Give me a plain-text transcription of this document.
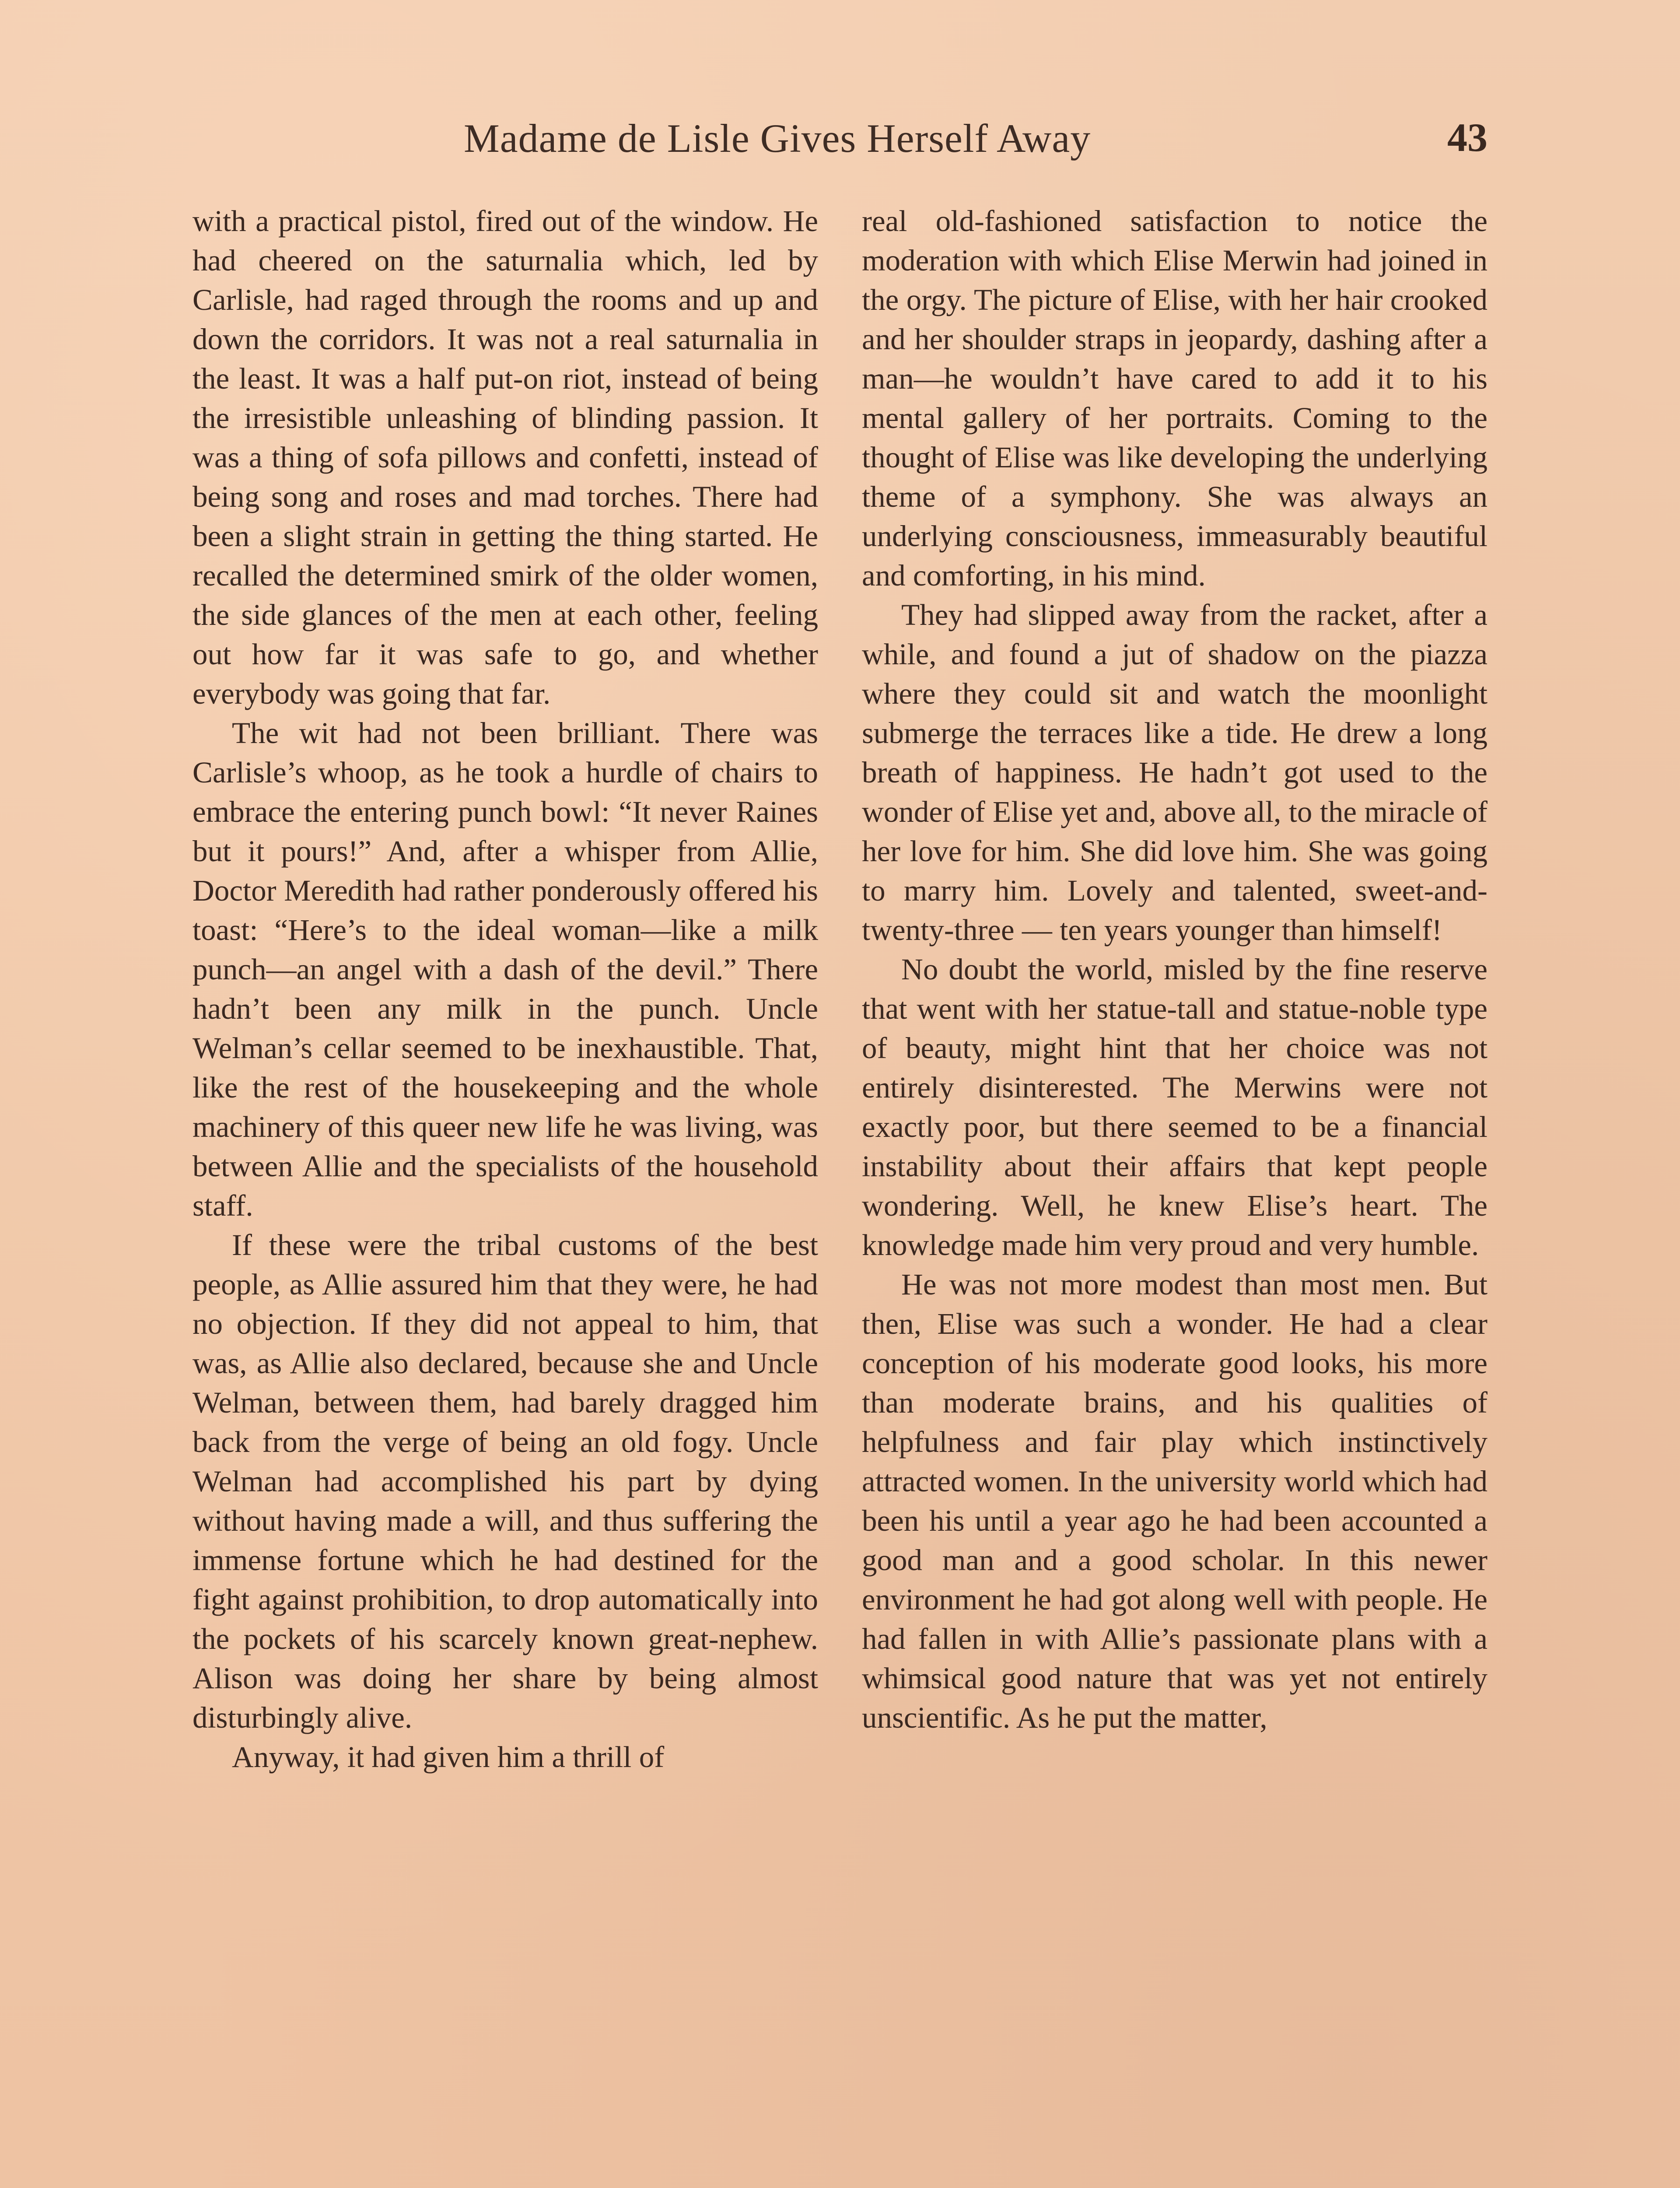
Madame de Lisle Gives Herself Away	43

with a practical pistol, fired out of the window. He had cheered on the saturnalia which, led by Carlisle, had raged through the rooms and up and down the corridors. It was not a real saturnalia in the least. It was a half put-on riot, instead of being the irresistible unleashing of blinding passion. It was a thing of sofa pillows and confetti, instead of being song and roses and mad torches. There had been a slight strain in getting the thing started. He recalled the determined smirk of the older women, the side glances of the men at each other, feeling out how far it was safe to go, and whether everybody was going that far.

The wit had not been brilliant. There was Carlisle’s whoop, as he took a hurdle of chairs to embrace the entering punch bowl: “It never Raines but it pours!” And, after a whisper from Allie, Doctor Meredith had rather ponderously offered his toast: “Here’s to the ideal woman—like a milk punch—an angel with a dash of the devil.” There hadn’t been any milk in the punch. Uncle Welman’s cellar seemed to be inexhaustible. That, like the rest of the housekeeping and the whole machinery of this queer new life he was living, was between Allie and the specialists of the household staff.

If these were the tribal customs of the best people, as Allie assured him that they were, he had no objection. If they did not appeal to him, that was, as Allie also declared, because she and Uncle Welman, between them, had barely dragged him back from the verge of being an old fogy. Uncle Welman had accomplished his part by dying without having made a will, and thus suffering the immense fortune which he had destined for the fight against prohibition, to drop automatically into the pockets of his scarcely known great-nephew. Alison was doing her share by being almost disturbingly alive.

Anyway, it had given him a thrill of

real old-fashioned satisfaction to notice the moderation with which Elise Merwin had joined in the orgy. The picture of Elise, with her hair crooked and her shoulder straps in jeopardy, dashing after a man—he wouldn’t have cared to add it to his mental gallery of her portraits. Coming to the thought of Elise was like developing the underlying theme of a symphony. She was always an underlying consciousness, immeasurably beautiful and comforting, in his mind.

They had slipped away from the racket, after a while, and found a jut of shadow on the piazza where they could sit and watch the moonlight submerge the terraces like a tide. He drew a long breath of happiness. He hadn’t got used to the wonder of Elise yet and, above all, to the miracle of her love for him. She did love him. She was going to marry him. Lovely and talented, sweet-and-twenty-three — ten years younger than himself!

No doubt the world, misled by the fine reserve that went with her statue-tall and statue-noble type of beauty, might hint that her choice was not entirely disinterested. The Merwins were not exactly poor, but there seemed to be a financial instability about their affairs that kept people wondering. Well, he knew Elise’s heart. The knowledge made him very proud and very humble.

He was not more modest than most men. But then, Elise was such a wonder. He had a clear conception of his moderate good looks, his more than moderate brains, and his qualities of helpfulness and fair play which instinctively attracted women. In the university world which had been his until a year ago he had been accounted a good man and a good scholar. In this newer environment he had got along well with people. He had fallen in with Allie’s passionate plans with a whimsical good nature that was yet not entirely unscientific. As he put the matter,
